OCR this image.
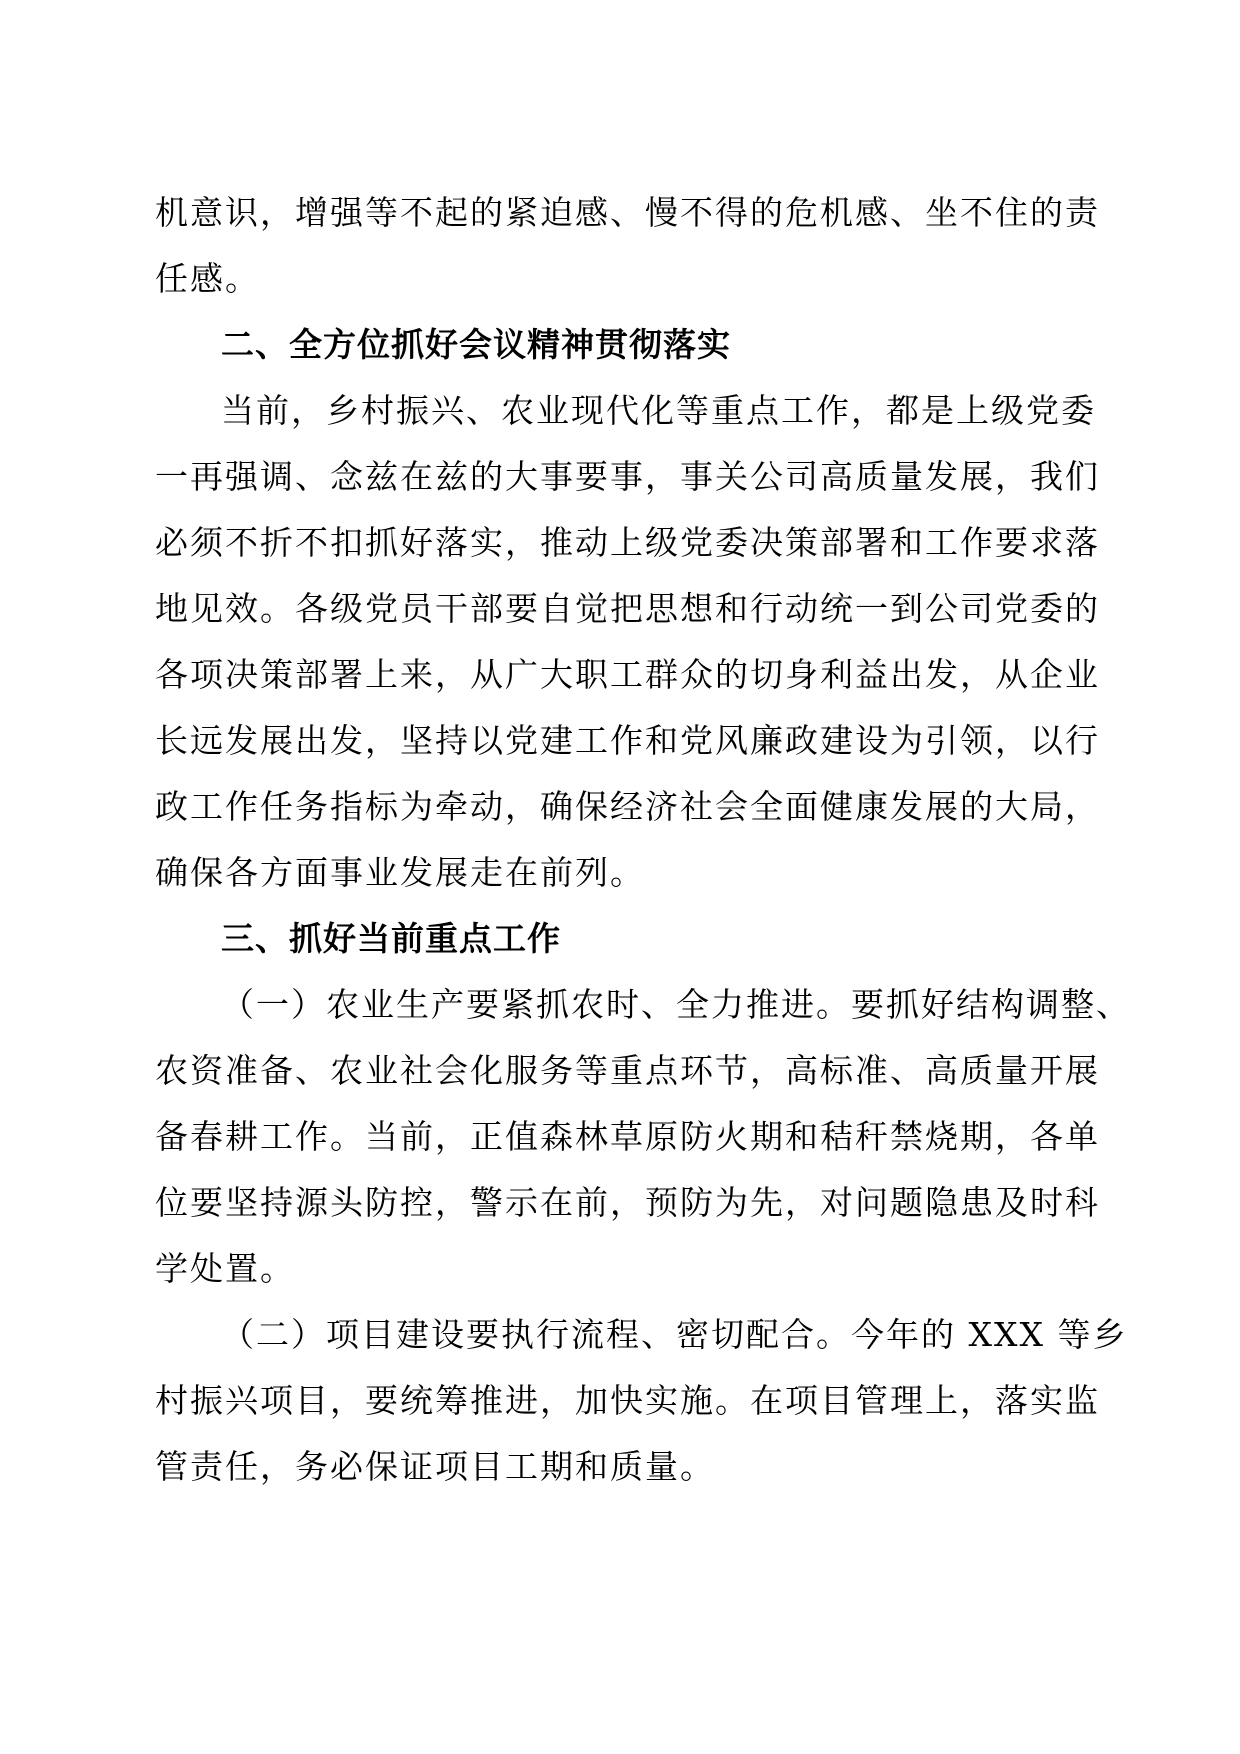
机意识，增强等不起的紧迫感、慢不得的危机感、坐不住的责
任感。
二、全方位抓好会议精神贯彻落实
当前，乡村振兴、农业现代化等重点工作，都是上级党委
一再强调、念兹在兹的大事要事，事关公司高质量发展，我们
必须不折不扣抓好落实，推动上级党委决策部署和工作要求落
地见效。各级党员干部要自觉把思想和行动统一到公司党委的
各项决策部署上来，从广大职工群众的切身利益出发，从企业
长远发展出发，坚持以党建工作和党风廉政建设为引领，以行
政工作任务指标为牵动，确保经济社会全面健康发展的大局，
确保各方面事业发展走在前列。
三、抓好当前重点工作
（一）农业生产要紧抓农时、全力推进。要抓好结构调整、
农资准备、农业社会化服务等重点环节，高标准、高质量开展
备春耕工作。当前，正值森林草原防火期和秸秆禁烧期，各单
位要坚持源头防控，警示在前，预防为先，对问题隐患及时科
学处置。
（二）项目建设要执行流程、密切配合。今年的 XXX 等乡
村振兴项目，要统筹推进，加快实施。在项目管理上，落实监
管责任，务必保证项目工期和质量。
